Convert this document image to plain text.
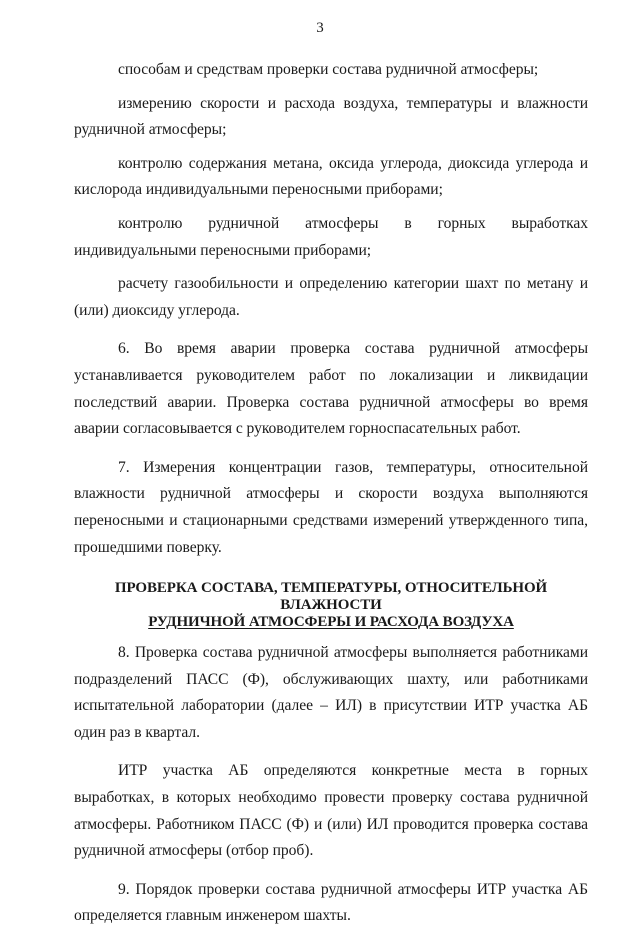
3

способам и средствам проверки состава рудничной атмосферы;

измерению скорости и расхода воздуха, температуры и влажности рудничной атмосферы;

контролю содержания метана, оксида углерода, диоксида углерода и кислорода индивидуальными переносными приборами;

контролю рудничной атмосферы в горных выработках индивидуальными переносными приборами;

расчету газообильности и определению категории шахт по метану и (или) диоксиду углерода.

6. Во время аварии проверка состава рудничной атмосферы устанавливается руководителем работ по локализации и ликвидации последствий аварии. Проверка состава рудничной атмосферы во время аварии согласовывается с руководителем горноспасательных работ.

7. Измерения концентрации газов, температуры, относительной влажности рудничной атмосферы и скорости воздуха выполняются переносными и стационарными средствами измерений утвержденного типа, прошедшими поверку.

ПРОВЕРКА СОСТАВА, ТЕМПЕРАТУРЫ, ОТНОСИТЕЛЬНОЙ ВЛАЖНОСТИ
РУДНИЧНОЙ АТМОСФЕРЫ И РАСХОДА ВОЗДУХА

8. Проверка состава рудничной атмосферы выполняется работниками подразделений ПАСС (Ф), обслуживающих шахту, или работниками испытательной лаборатории (далее – ИЛ) в присутствии ИТР участка АБ один раз в квартал.

ИТР участка АБ определяются конкретные места в горных выработках, в которых необходимо провести проверку состава рудничной атмосферы. Работником ПАСС (Ф) и (или) ИЛ проводится проверка состава рудничной атмосферы (отбор проб).

9. Порядок проверки состава рудничной атмосферы ИТР участка АБ определяется главным инженером шахты.
